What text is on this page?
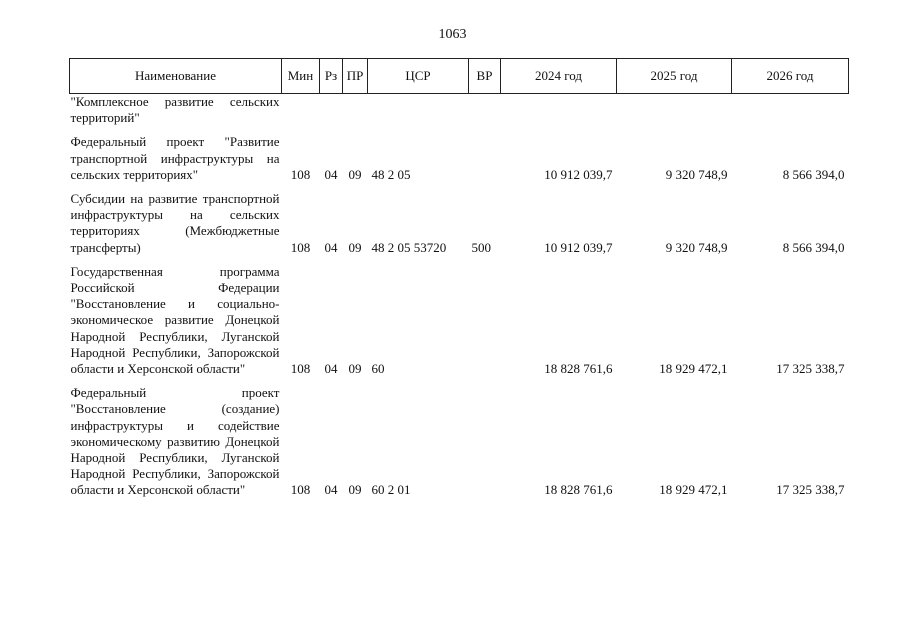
1063
Наименование	Мин	Рз	ПР	ЦСР	ВР	2024 год	2025 год	2026 год
"Комплексное развитие сельских территорий"								
Федеральный проект "Развитие транспортной инфраструктуры на сельских территориях"	108	04	09	48 2 05		10 912 039,7	9 320 748,9	8 566 394,0
Субсидии на развитие транспортной инфраструктуры на сельских территориях (Межбюджетные трансферты)	108	04	09	48 2 05 53720	500	10 912 039,7	9 320 748,9	8 566 394,0
Государственная программа Российской Федерации "Восстановление и социально-экономическое развитие Донецкой Народной Республики, Луганской Народной Республики, Запорожской области и Херсонской области"	108	04	09	60		18 828 761,6	18 929 472,1	17 325 338,7
Федеральный проект "Восстановление (создание) инфраструктуры и содействие экономическому развитию Донецкой Народной Республики, Луганской Народной Республики, Запорожской области и Херсонской области"	108	04	09	60 2 01		18 828 761,6	18 929 472,1	17 325 338,7
